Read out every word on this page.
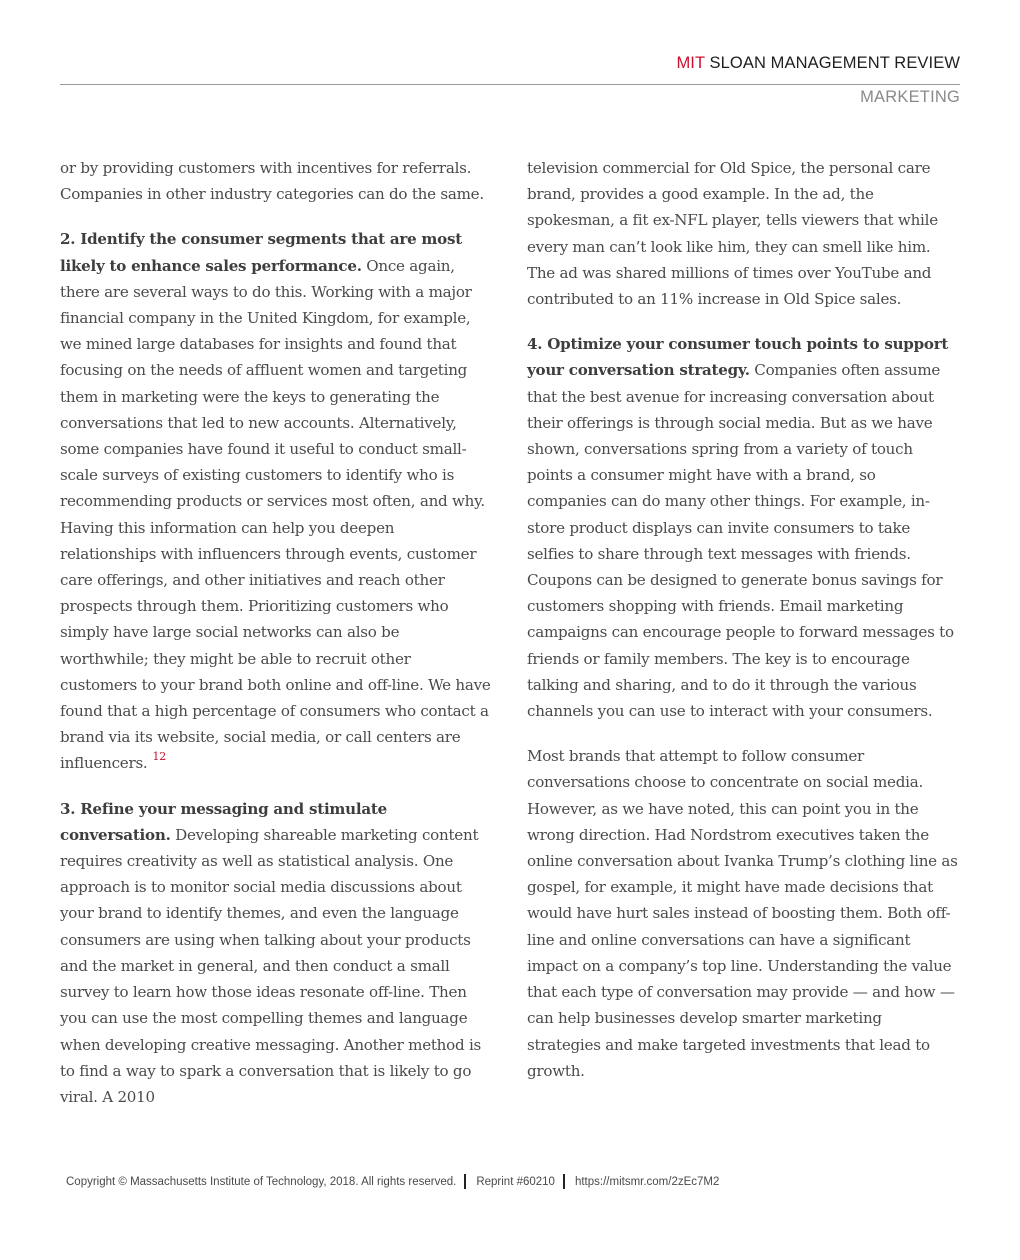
MIT SLOAN MANAGEMENT REVIEW
MARKETING

or by providing customers with incentives for referrals. Companies in other industry categories can do the same.

2. Identify the consumer segments that are most likely to enhance sales performance. Once again, there are several ways to do this. Working with a major financial company in the United Kingdom, for example, we mined large databases for insights and found that focusing on the needs of affluent women and targeting them in marketing were the keys to generating the conversations that led to new accounts. Alternatively, some companies have found it useful to conduct small-scale surveys of existing customers to identify who is recommending products or services most often, and why. Having this information can help you deepen relationships with influencers through events, customer care offerings, and other initiatives and reach other prospects through them. Prioritizing customers who simply have large social networks can also be worthwhile; they might be able to recruit other customers to your brand both online and off-line. We have found that a high percentage of consumers who contact a brand via its website, social media, or call centers are influencers. $^{12}$

3. Refine your messaging and stimulate conversation. Developing shareable marketing content requires creativity as well as statistical analysis. One approach is to monitor social media discussions about your brand to identify themes, and even the language consumers are using when talking about your products and the market in general, and then conduct a small survey to learn how those ideas resonate off-line. Then you can use the most compelling themes and language when developing creative messaging. Another method is to find a way to spark a conversation that is likely to go viral. A 2010

television commercial for Old Spice, the personal care brand, provides a good example. In the ad, the spokesman, a fit ex-NFL player, tells viewers that while every man can’t look like him, they can smell like him. The ad was shared millions of times over YouTube and contributed to an 11% increase in Old Spice sales.

4. Optimize your consumer touch points to support your conversation strategy. Companies often assume that the best avenue for increasing conversation about their offerings is through social media. But as we have shown, conversations spring from a variety of touch points a consumer might have with a brand, so companies can do many other things. For example, in-store product displays can invite consumers to take selfies to share through text messages with friends. Coupons can be designed to generate bonus savings for customers shopping with friends. Email marketing campaigns can encourage people to forward messages to friends or family members. The key is to encourage talking and sharing, and to do it through the various channels you can use to interact with your consumers.

Most brands that attempt to follow consumer conversations choose to concentrate on social media. However, as we have noted, this can point you in the wrong direction. Had Nordstrom executives taken the online conversation about Ivanka Trump’s clothing line as gospel, for example, it might have made decisions that would have hurt sales instead of boosting them. Both off-line and online conversations can have a significant impact on a company’s top line. Understanding the value that each type of conversation may provide — and how — can help businesses develop smarter marketing strategies and make targeted investments that lead to growth.

Copyright © Massachusetts Institute of Technology, 2018. All rights reserved. Reprint #60210 https://mitsmr.com/2zEc7M2
